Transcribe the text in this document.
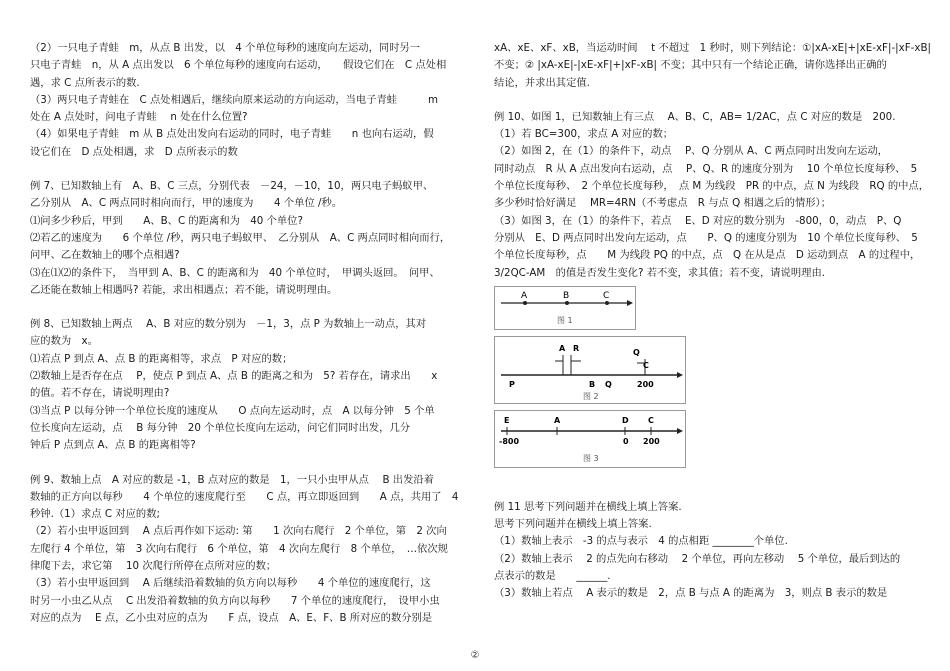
（2）一只电子青蛙　m，从点 B 出发，以　4 个单位每秒的速度向左运动，同时另一
只电子青蛙　n，从 A 点出发以　6 个单位每秒的速度向右运动，　　假设它们在　C 点处相
遇，求 C 点所表示的数.
（3）两只电子青蛙在　C 点处相遇后，继续向原来运动的方向运动，当电子青蛙　　　m
处在 A 点处时，问电子青蛙　 n 处在什么位置?
（4）如果电子青蛙　m 从 B 点处出发向右运动的同时，电子青蛙　　n 也向右运动，假
设它们在　D 点处相遇，求　D 点所表示的数
例 7、已知数轴上有　A、B、C 三点，分别代表　－24，－10，10，两只电子蚂蚁甲、
乙分别从　A、C 两点同时相向而行，甲的速度为　　4 个单位 /秒。
⑴问多少秒后，甲到　　A、B、C 的距离和为　40 个单位?
⑵若乙的速度为　　6 个单位 /秒，两只电子蚂蚁甲、　乙分别从　A、C 两点同时相向而行，
问甲、乙在数轴上的哪个点相遇?
⑶在⑴⑵的条件下，　当甲到 A、B、C 的距离和为　40 个单位时，　甲调头返回。　问甲、
乙还能在数轴上相遇吗? 若能，求出相遇点；若不能，请说明理由。
例 8、已知数轴上两点　 A、B 对应的数分别为　－1，3，点 P 为数轴上一动点，其对
应的数为　x。
⑴若点 P 到点 A、点 B 的距离相等，求点　P 对应的数；
⑵数轴上是否存在点　 P，使点 P 到点 A、点 B 的距离之和为　5? 若存在，请求出　　x
的值。若不存在，请说明理由?
⑶当点 P 以每分钟一个单位长度的速度从　　O 点向左运动时，点　A 以每分钟　5 个单
位长度向左运动，点　 B 每分钟　20 个单位长度向左运动，问它们同时出发，几分
钟后 P 点到点 A、点 B 的距离相等?
例 9、数轴上点　A 对应的数是 -1，B 点对应的数是　1，一只小虫甲从点　 B 出发沿着
数轴的正方向以每秒　　4 个单位的速度爬行至　　C 点，再立即返回到　　A 点，共用了　4
秒钟.（1）求点 C 对应的数;
（2）若小虫甲返回到　 A 点后再作如下运动: 第　　1 次向右爬行　2 个单位，第　2 次向
左爬行 4 个单位，第　3 次向右爬行　6 个单位，第　4 次向左爬行　8 个单位，　…依次规
律爬下去，求它第　 10 次爬行所停在点所对应的数；
（3）若小虫甲返回到　 A 后继续沿着数轴的负方向以每秒　　4 个单位的速度爬行，这
时另一小虫乙从点　 C 出发沿着数轴的负方向以每秒　　7 个单位的速度爬行，　设甲小虫
对应的点为　 E 点，乙小虫对应的点为　　F 点，设点　A、E、F、B 所对应的数分别是
xA、xE、xF、xB，当运动时间　 t 不超过　1 秒时，则下列结论：①|xA-xE|+|xE-xF|-|xF-xB|
不变；② |xA-xE|-|xE-xF|+|xF-xB| 不变；其中只有一个结论正确，请你选择出正确的
结论，并求出其定值.
例 10、如图 1，已知数轴上有三点　 A、B、C，AB= 1/2AC，点 C 对应的数是　200.
（1）若 BC=300，求点 A 对应的数；
（2）如图 2，在（1）的条件下，动点　 P、Q 分别从 A、C 两点同时出发向左运动，
同时动点　R 从 A 点出发向右运动，点　 P、Q、R 的速度分别为　 10 个单位长度每秒、　5
个单位长度每秒、　2 个单位长度每秒，　点 M 为线段　PR 的中点，点 N 为线段　RQ 的中点，
多少秒时恰好满足　 MR=4RN（不考虑点　R 与点 Q 相遇之后的情形）；
（3）如图 3，在（1）的条件下，若点　 E、D 对应的数分别为　-800，0，动点　P、Q
分别从　E、D 两点同时出发向左运动，点　　P、Q 的速度分别为　10 个单位长度每秒、　5
个单位长度每秒，点　　M 为线段 PQ 的中点，点　Q 在从是点　D 运动到点　A 的过程中，
3/2QC-AM　的值是否发生变化? 若不变，求其值；若不变，请说明理由.
A	B	C
图 1
A R	Q
C
P	B Q	200
图 2
E	A	D C
-800	0 200
图 3
例 11 思考下列问题并在横线上填上答案.
思考下列问题并在横线上填上答案.
（1）数轴上表示　-3 的点与表示　4 的点相距 ________个单位.
（2）数轴上表示　 2 的点先向右移动　 2 个单位，再向左移动　 5 个单位，最后到达的
点表示的数是　　______.
（3）数轴上若点　 A 表示的数是　2，点 B 与点 A 的距离为　3，则点 B 表示的数是
②
